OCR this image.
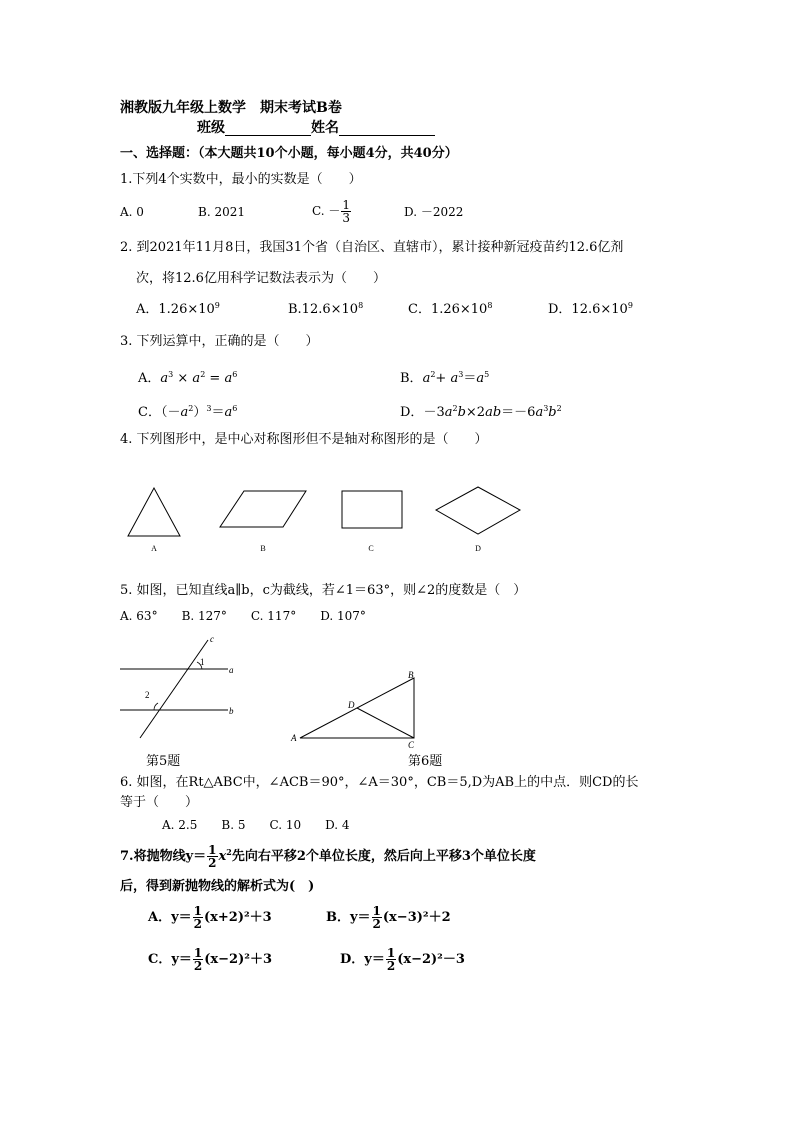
湘教版九年级上数学　期末考试B卷
班级	姓名
一、选择题：（本大题共10个小题，每小题4分，共40分）
1.下列4个实数中，最小的实数是（　　）
A. 0	B. 2021	C. － $\frac{1}{3}$	D. －2022
2. 到2021年11月8日，我国31个省（自治区、直辖市），累计接种新冠疫苗约12.6亿剂
次，将12.6亿用科学记数法表示为（　　）
A．$1.26\times 10^9$	$B.12.6\times 10^8$	C．$1.26\times 10^8$	D．$12.6\times 10^9$
3. 下列运算中，正确的是（　　）
A．$a^3 \times a^2 = a^6$	B．$a^2+ a^3=a^5$
C．$(-a^2)^3=a^6$	D．$-3a^2b\times 2ab=-6a^3b^2$
4. 下列图形中，是中心对称图形但不是轴对称图形的是（　　）
A	B	C	D
5. 如图，已知直线a∥b，c为截线，若∠1＝63°，则∠2的度数是（　）
A. 63°　　B. 127°　　C. 117°　　D. 107°
c
a
b
1
2
第5题
A
B
C
D
第6题
6. 如图，在Rt△ABC中，∠ACB＝90°，∠A＝30°，CB＝5,D为AB上的中点．则CD的长
等于（　　）
A. 2.5　　B. 5　　C. 10　　D. 4
7.将抛物线$y= \frac{1}{2} x^2$先向右平移2个单位长度，然后向上平移3个单位长度
后，得到新抛物线的解析式为(　)
A．$y= \frac{1}{2} (x+2)^2+3$	B．$y= \frac{1}{2} (x-3)^2+2$
C．$y= \frac{1}{2} (x-2)^2+3$	D．$y= \frac{1}{2} (x-2)^2-3$
